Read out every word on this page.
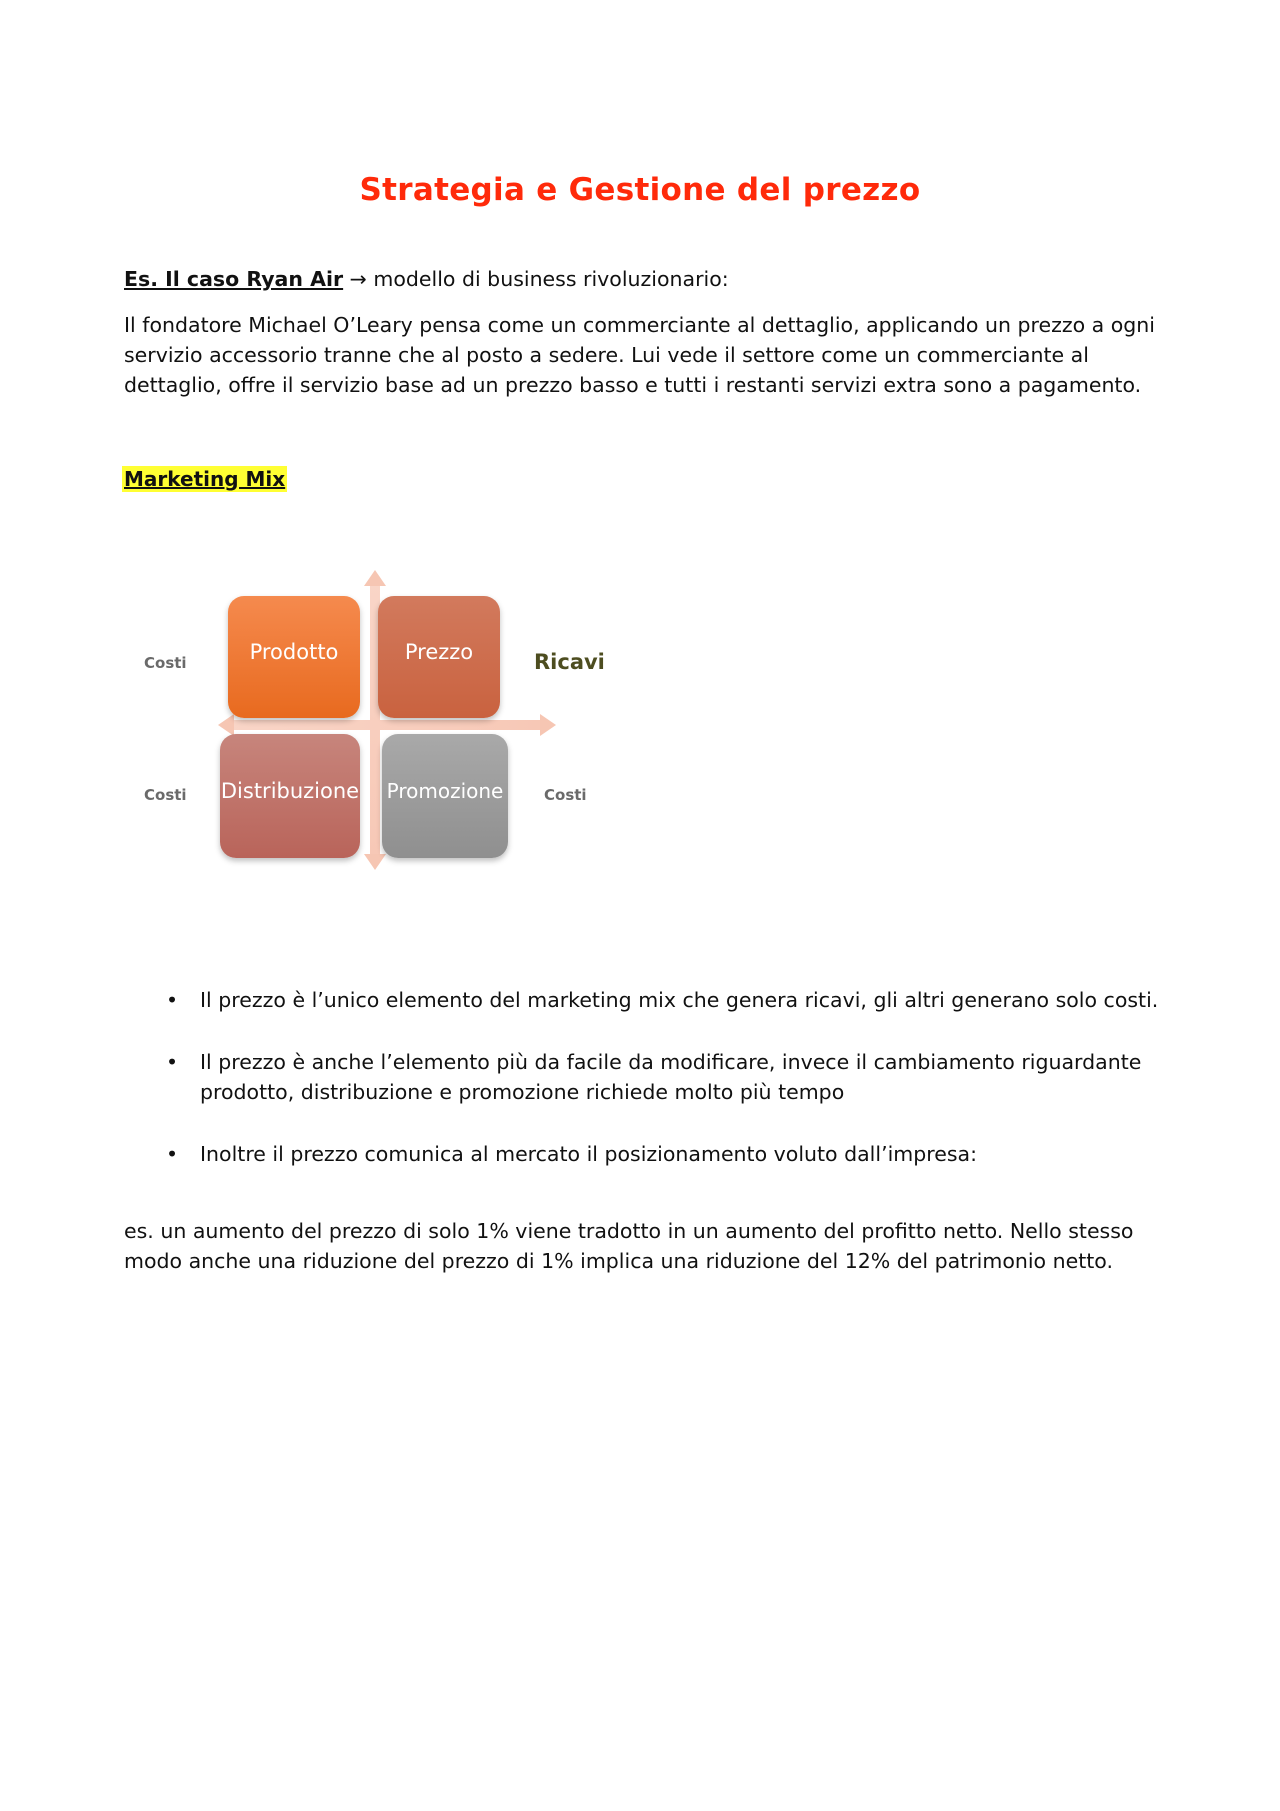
Strategia e Gestione del prezzo
Es. Il caso Ryan Air → modello di business rivoluzionario:
Il fondatore Michael O’Leary pensa come un commerciante al dettaglio, applicando un prezzo a ogni servizio accessorio tranne che al posto a sedere. Lui vede il settore come un commerciante al dettaglio, offre il servizio base ad un prezzo basso e tutti i restanti servizi extra sono a pagamento.
Marketing Mix
Prodotto	Prezzo
Distribuzione Promozione
Costi
Costi	Costi
Ricavi
• Il prezzo è l’unico elemento del marketing mix che genera ricavi, gli altri generano solo costi.
• Il prezzo è anche l’elemento più da facile da modificare, invece il cambiamento riguardante prodotto, distribuzione e promozione richiede molto più tempo
• Inoltre il prezzo comunica al mercato il posizionamento voluto dall’impresa:
es. un aumento del prezzo di solo 1% viene tradotto in un aumento del profitto netto. Nello stesso modo anche una riduzione del prezzo di 1% implica una riduzione del 12% del patrimonio netto.
